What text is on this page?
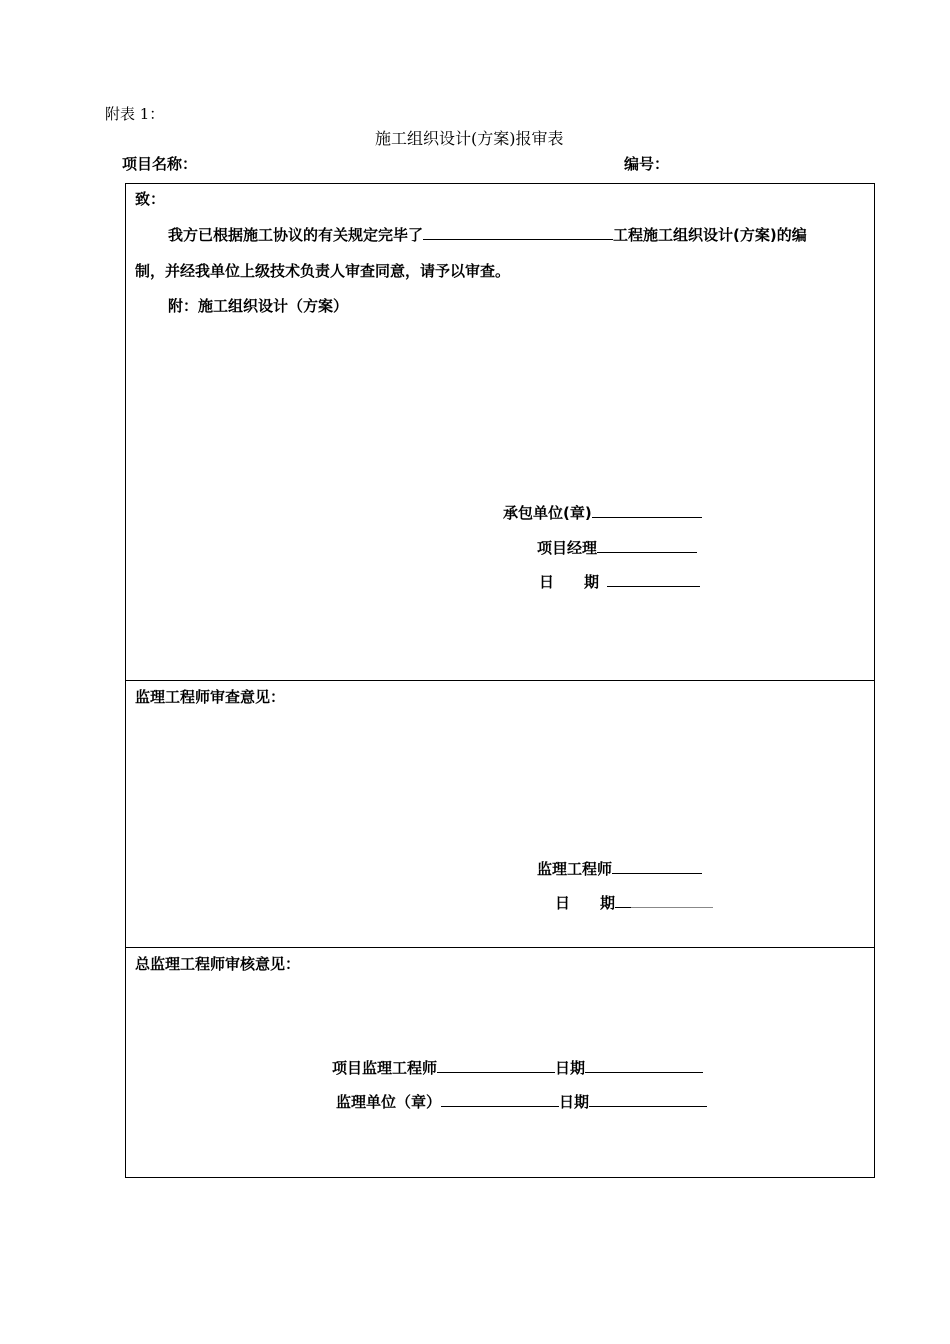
附表 1：
施工组织设计(方案)报审表
项目名称：	编号：
致：
我方已根据施工协议的有关规定完毕了	工程施工组织设计(方案)的编
制，并经我单位上级技术负责人审查同意，请予以审查。
附：施工组织设计（方案）
承包单位(章)
项目经理
日　　期
监理工程师审查意见：
监理工程师
日　　期
总监理工程师审核意见：
项目监理工程师	日期
监理单位（章）	日期
